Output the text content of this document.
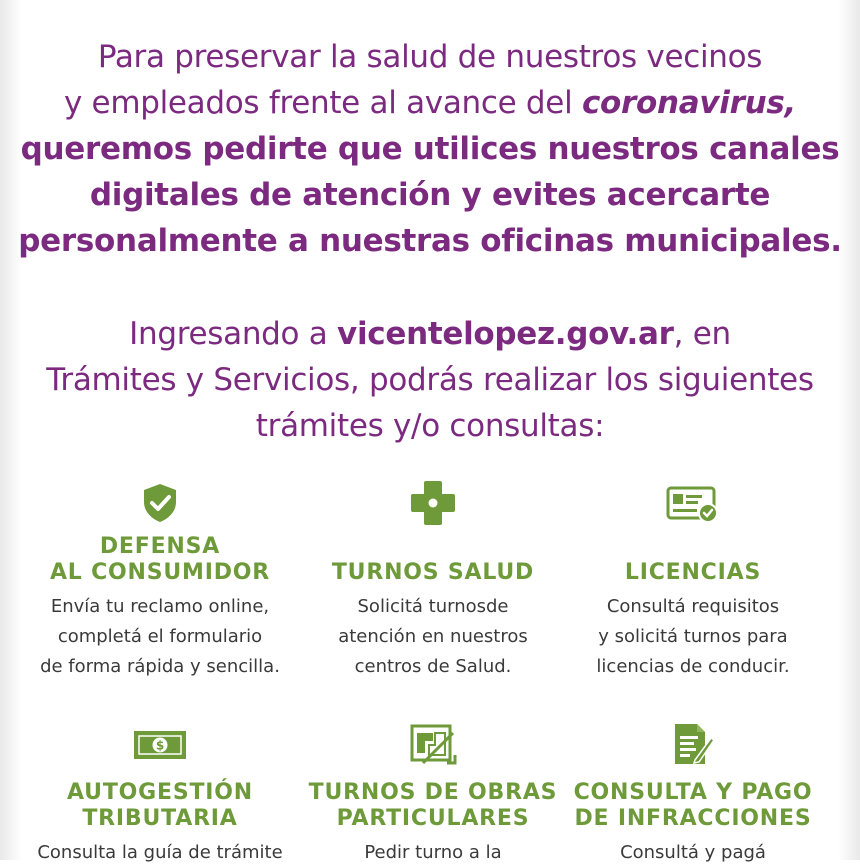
Para preservar la salud de nuestros vecinos
y empleados frente al avance del coronavirus,
queremos pedirte que utilices nuestros canales
digitales de atención y evites acercarte
personalmente a nuestras oficinas municipales.
Ingresando a vicentelopez.gov.ar, en
Trámites y Servicios, podrás realizar los siguientes
trámites y/o consultas:
DEFENSA
AL CONSUMIDOR
Envía tu reclamo online,
completá el formulario
de forma rápida y sencilla.
TURNOS SALUD
Solicitá turnosde
atención en nuestros
centros de Salud.
LICENCIAS
Consultá requisitos
y solicitá turnos para
licencias de conducir.
$
AUTOGESTIÓN
TRIBUTARIA
Consulta la guía de trámite
TURNOS DE OBRAS
PARTICULARES
Pedir turno a la
CONSULTA Y PAGO
DE INFRACCIONES
Consultá y pagá
